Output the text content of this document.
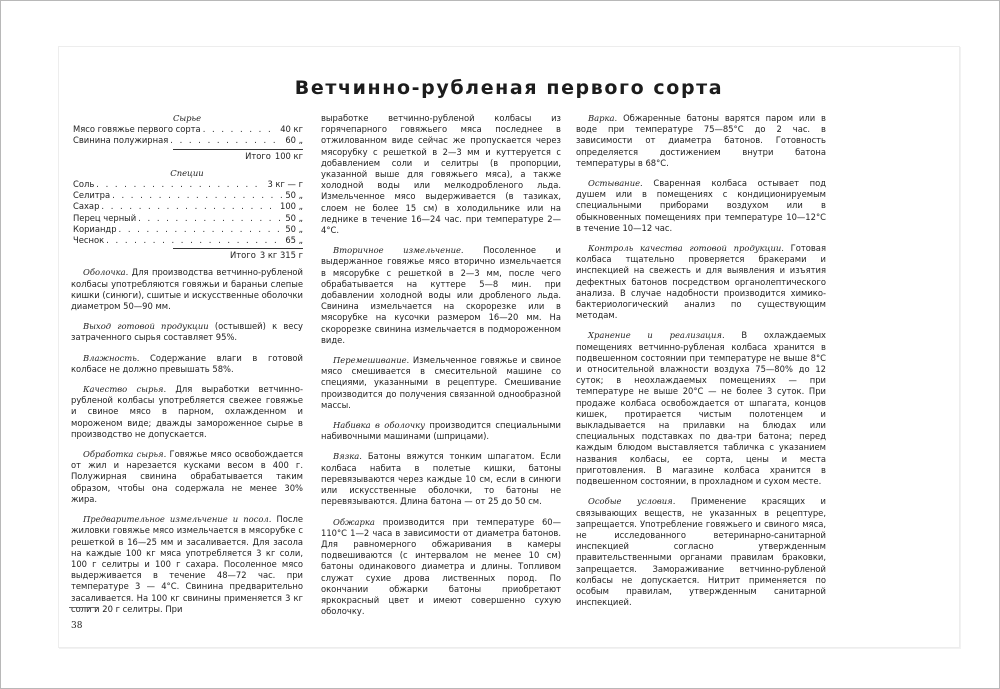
Ветчинно-рубленая первого сорта
Сырье
Мясо говяжье первого сорта . . .	40 кг
Свинина полужирная . . .	60 „
Итого 100 кг
Специи
Соль . . .	3 кг — г
Селитра . . .	50 „
Сахар . . .	100 „
Перец черный . . .	50 „
Кориандр . . .	50 „
Чеснок . . .	65 „
Итого 3 кг 315 г

Оболочка. Для производства ветчинно-рубленой колбасы употребляются говяжьи и бараньи слепые кишки (синюги), сшитые и искусственные оболочки диаметром 50—90 мм.

Выход готовой продукции (остывшей) к весу затраченного сырья составляет 95%.

Влажность. Содержание влаги в готовой колбасе не должно превышать 58%.

Качество сырья. Для выработки ветчинно-рубленой колбасы употребляется свежее говяжье и свиное мясо в парном, охлажденном и мороженом виде; дважды замороженное сырье в производство не допускается.

Обработка сырья. Говяжье мясо освобождается от жил и нарезается кусками весом в 400 г. Полужирная свинина обрабатывается таким образом, чтобы она содержала не менее 30% жира.

Предварительное измельчение и посол. После жиловки говяжье мясо измельчается в мясорубке с решеткой в 16—25 мм и засаливается. Для засола на каждые 100 кг мяса употребляется 3 кг соли, 100 г селитры и 100 г сахара. Посоленное мясо выдерживается в течение 48—72 час. при температуре 3 — 4°С. Свинина предварительно засаливается. На 100 кг свинины применяется 3 кг соли и 20 г селитры. При

выработке ветчинно-рубленой колбасы из горячепарного говяжьего мяса последнее в отжилованном виде сейчас же пропускается через мясорубку с решеткой в 2—3 мм и куттеруется с добавлением соли и селитры (в пропорции, указанной выше для говяжьего мяса), а также холодной воды или мелкодробленого льда. Измельченное мясо выдерживается (в тазиках, слоем не более 15 см) в холодильнике или на леднике в течение 16—24 час. при температуре 2—4°С.

Вторичное измельчение. Посоленное и выдержанное говяжье мясо вторично измельчается в мясорубке с решеткой в 2—3 мм, после чего обрабатывается на куттере 5—8 мин. при добавлении холодной воды или дробленого льда. Свинина измельчается на скорорезке или в мясорубке на кусочки размером 16—20 мм. На скорорезке свинина измельчается в подмороженном виде.

Перемешивание. Измельченное говяжье и свиное мясо смешивается в смесительной машине со специями, указанными в рецептуре. Смешивание производится до получения связанной однообразной массы.

Набивка в оболочку производится специальными набивочными машинами (шприцами).

Вязка. Батоны вяжутся тонким шпагатом. Если колбаса набита в полетые кишки, батоны перевязываются через каждые 10 см, если в синюги или искусственные оболочки, то батоны не перевязываются. Длина батона — от 25 до 50 см.

Обжарка производится при температуре 60—110°С 1—2 часа в зависимости от диаметра батонов. Для равномерного обжаривания в камеры подвешиваются (с интервалом не менее 10 см) батоны одинакового диаметра и длины. Топливом служат сухие дрова лиственных пород. По окончании обжарки батоны приобретают яркокрасный цвет и имеют совершенно сухую оболочку.

Варка. Обжаренные батоны варятся паром или в воде при температуре 75—85°С до 2 час. в зависимости от диаметра батонов. Готовность определяется достижением внутри батона температуры в 68°С.

Остывание. Сваренная колбаса остывает под душем или в помещениях с кондиционируемым специальными приборами воздухом или в обыкновенных помещениях при температуре 10—12°С в течение 10—12 час.

Контроль качества готовой продукции. Готовая колбаса тщательно проверяется бракерами и инспекцией на свежесть и для выявления и изъятия дефектных батонов посредством органолептического анализа. В случае надобности производится химико-бактериологический анализ по существующим методам.

Хранение и реализация. В охлаждаемых помещениях ветчинно-рубленая колбаса хранится в подвешенном состоянии при температуре не выше 8°С и относительной влажности воздуха 75—80% до 12 суток; в неохлаждаемых помещениях — при температуре не выше 20°С — не более 3 суток. При продаже колбаса освобождается от шпагата, концов кишек, протирается чистым полотенцем и выкладывается на прилавки на блюдах или специальных подставках по два-три батона; перед каждым блюдом выставляется табличка с указанием названия колбасы, ее сорта, цены и места приготовления. В магазине колбаса хранится в подвешенном состоянии, в прохладном и сухом месте.

Особые условия. Применение красящих и связывающих веществ, не указанных в рецептуре, запрещается. Употребление говяжьего и свиного мяса, не исследованного ветеринарно-санитарной инспекцией согласно утвержденным правительственными органами правилам браковки, запрещается. Замораживание ветчинно-рубленой колбасы не допускается. Нитрит применяется по особым правилам, утвержденным санитарной инспекцией.

38
